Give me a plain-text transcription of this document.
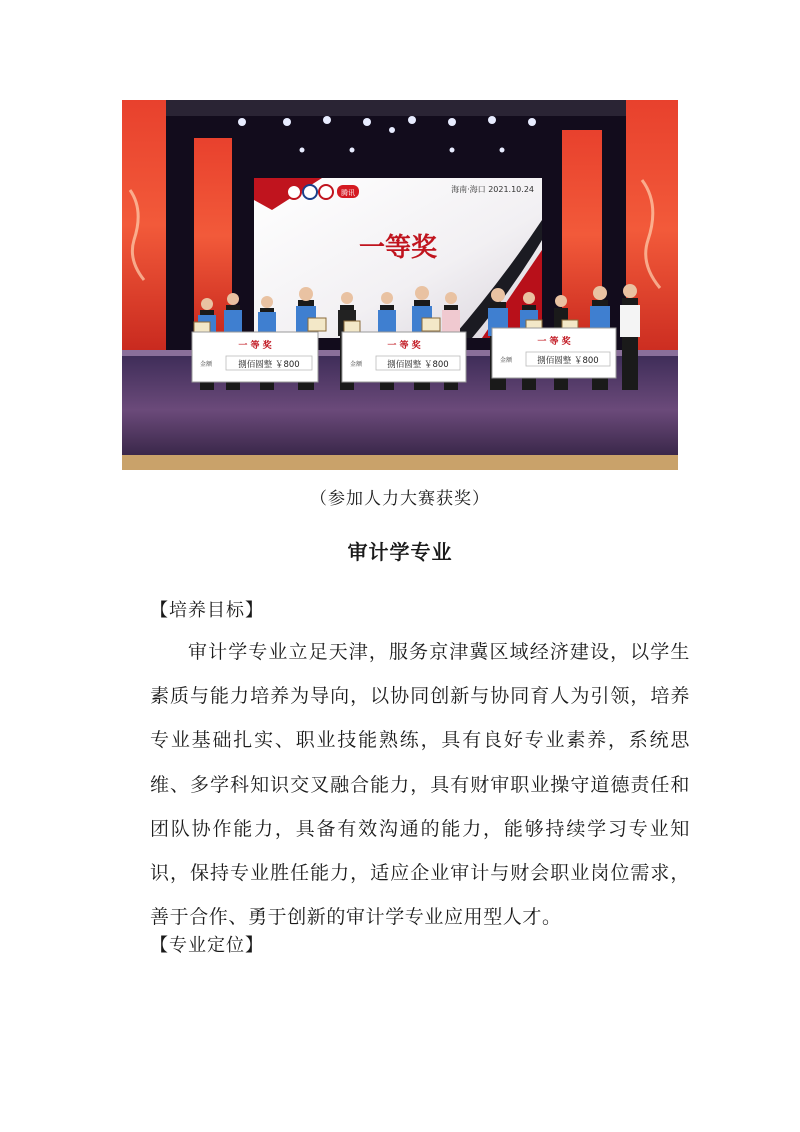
腾讯	海南·海口 2021.10.24
一等奖
一 等 奖
金额	捌佰圆整 ￥800
一 等 奖
金额	捌佰圆整 ￥800
一 等 奖
金额	捌佰圆整 ￥800
（参加人力大赛获奖）
审计学专业
【培养目标】

审计学专业立足天津，服务京津冀区域经济建设，以学生素质与能力培养为导向，以协同创新与协同育人为引领，培养专业基础扎实、职业技能熟练，具有良好专业素养，系统思维、多学科知识交叉融合能力，具有财审职业操守道德责任和团队协作能力，具备有效沟通的能力，能够持续学习专业知识，保持专业胜任能力，适应企业审计与财会职业岗位需求，善于合作、勇于创新的审计学专业应用型人才。

【专业定位】
